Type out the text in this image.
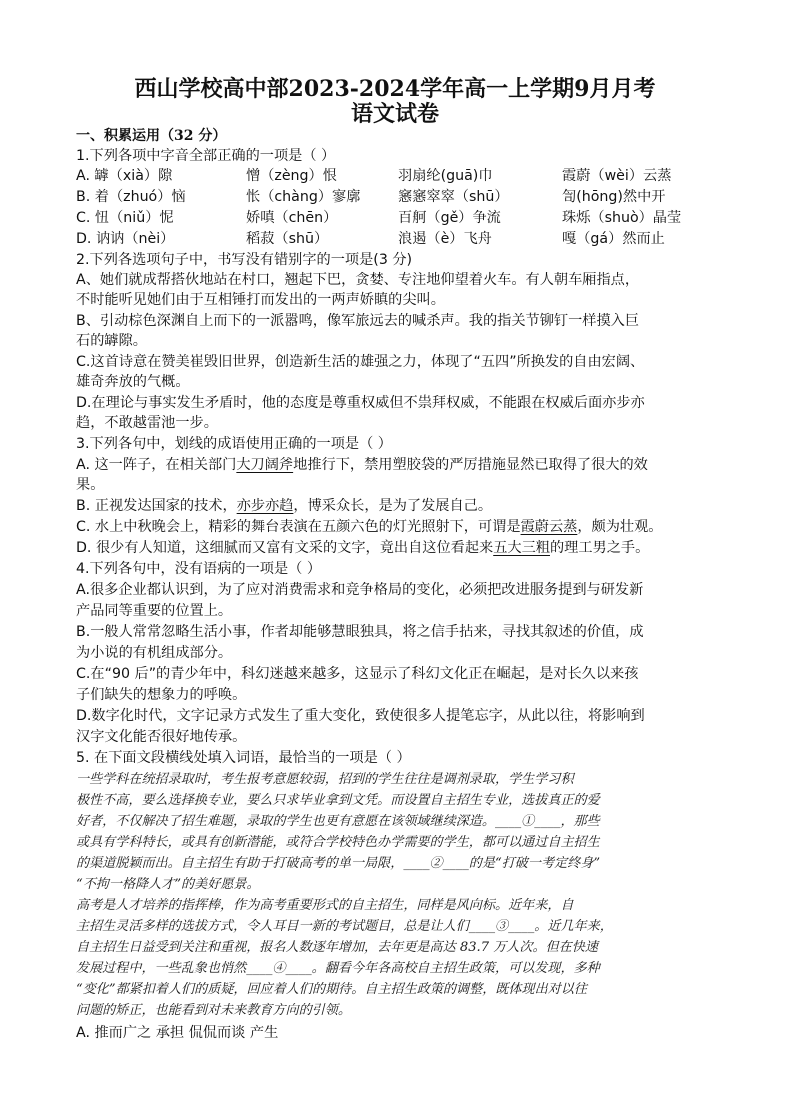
西山学校高中部2023-2024学年高一上学期9月月考
语文试卷
一、积累运用（32 分）
1.下列各项中字音全部正确的一项是（ ）
A. 罅（xià）隙	憎（zèng）恨	羽扇纶(guā)巾	霞蔚（wèi）云蒸
B. 着（zhuó）恼	怅（chàng）寥廓	窸窸窣窣（shū）	訇(hōng)然中开
C. 忸（niǔ）怩	娇嗔（chēn）	百舸（gě）争流	珠烁（shuò）晶莹
D. 讷讷（nèi）	稻菽（shū）	浪遏（è）飞舟	嘎（gá）然而止
2.下列各选项句子中，书写没有错别字的一项是(3 分)
A、她们就成帮搭伙地站在村口，翘起下巴，贪婪、专注地仰望着火车。有人朝车厢指点，
不时能听见她们由于互相锤打而发出的一两声娇瞋的尖叫。
B、引动棕色深渊自上而下的一派嚣鸣，像军旅远去的喊杀声。我的指关节铆钉一样摸入巨
石的罅隙。
C.这首诗意在赞美崔毁旧世界，创造新生活的雄强之力，体现了“五四”所换发的自由宏阔、
雄奇奔放的气概。
D.在理论与事实发生矛盾时，他的态度是尊重权威但不祟拜权威，不能跟在权威后面亦步亦
趋，不敢越雷池一步。
3.下列各句中，划线的成语使用正确的一项是（ ）
A. 这一阵子，在相关部门大刀阔斧地推行下，禁用塑胶袋的严厉措施显然已取得了很大的效
果。
B. 正视发达国家的技术，亦步亦趋，博采众长，是为了发展自己。
C. 水上中秋晚会上，精彩的舞台表演在五颜六色的灯光照射下，可谓是霞蔚云蒸，颇为壮观。
D. 很少有人知道，这细腻而又富有文采的文字，竟出自这位看起来五大三粗的理工男之手。
4.下列各句中，没有语病的一项是（ ）
A.很多企业都认识到，为了应对消费需求和竞争格局的变化，必须把改进服务提到与研发新
产品同等重要的位置上。
B.一般人常常忽略生活小事，作者却能够慧眼独具，将之信手拈来，寻找其叙述的价值，成
为小说的有机组成部分。
C.在“90 后”的青少年中，科幻迷越来越多，这显示了科幻文化正在崛起，是对长久以来孩
子们缺失的想象力的呼唤。
D.数字化时代，文字记录方式发生了重大变化，致使很多人提笔忘字，从此以往，将影响到
汉字文化能否很好地传承。
5. 在下面文段横线处填入词语，最恰当的一项是（ ）
一些学科在统招录取时，考生报考意愿较弱，招到的学生往往是调剂录取，学生学习积
极性不高，要么选择换专业，要么只求毕业拿到文凭。而设置自主招生专业，选拔真正的爱
好者，不仅解决了招生难题，录取的学生也更有意愿在该领域继续深造。____①____，那些
或具有学科特长，或具有创新潜能，或符合学校特色办学需要的学生，都可以通过自主招生
的渠道脱颖而出。自主招生有助于打破高考的单一局限，____②____的是“打破一考定终身”
“不拘一格降人才”的美好愿景。
高考是人才培养的指挥棒，作为高考重要形式的自主招生，同样是风向标。近年来，自
主招生灵活多样的选拔方式，令人耳目一新的考试题目，总是让人们____③____。近几年来，
自主招生日益受到关注和重视，报名人数逐年增加，去年更是高达 83.7 万人次。但在快速
发展过程中，一些乱象也悄然____④____。翻看今年各高校自主招生政策，可以发现，多种
“变化”都紧扣着人们的质疑，回应着人们的期待。自主招生政策的调整，既体现出对以往
问题的矫正，也能看到对未来教育方向的引领。
A. 推而广之 承担 侃侃而谈 产生
